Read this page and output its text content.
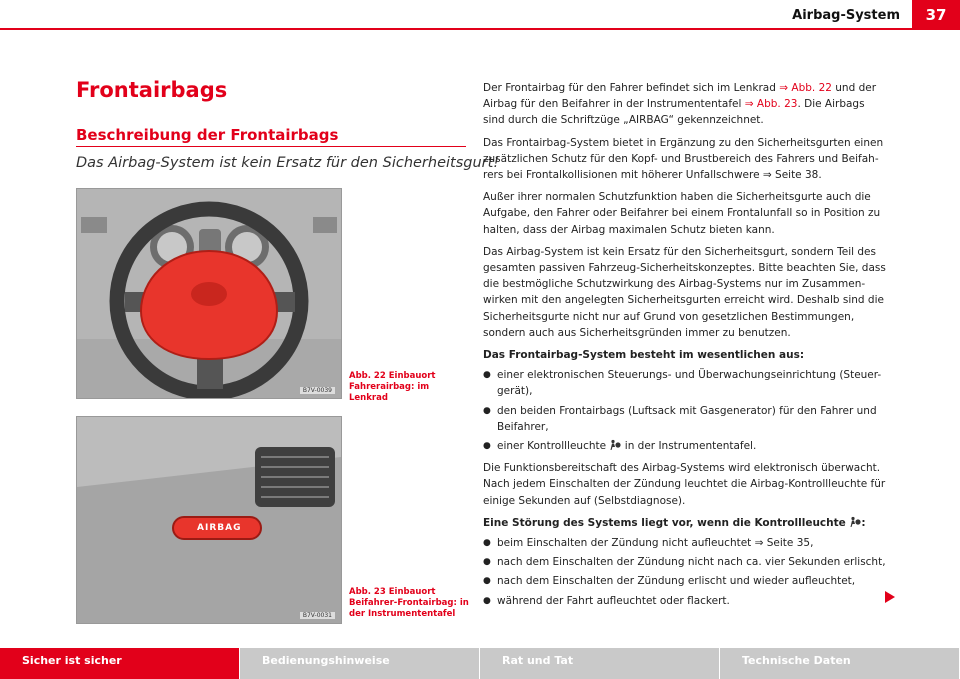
Airbag-System	37
Frontairbags
Beschreibung der Frontairbags
Das Airbag-System ist kein Ersatz für den Sicherheitsgurt!
B7V-0039
Abb. 22 Einbauort Fahrerairbag: im Lenkrad
AIRBAG
B7V-0031
Abb. 23 Einbauort Beifahrer-Frontairbag: in der Instrumententafel

Der Frontairbag für den Fahrer befindet sich im Lenkrad ⇒ Abb. 22 und der Airbag für den Beifahrer in der Instrumententafel ⇒ Abb. 23. Die Airbags sind durch die Schriftzüge „AIRBAG“ gekennzeichnet.

Das Frontairbag-System bietet in Ergänzung zu den Sicherheitsgurten einen zusätzlichen Schutz für den Kopf- und Brustbereich des Fahrers und Beifah-rers bei Frontalkollisionen mit höherer Unfallschwere ⇒ Seite 38.

Außer ihrer normalen Schutzfunktion haben die Sicherheitsgurte auch die Aufgabe, den Fahrer oder Beifahrer bei einem Frontalunfall so in Position zu halten, dass der Airbag maximalen Schutz bieten kann.

Das Airbag-System ist kein Ersatz für den Sicherheitsgurt, sondern Teil des gesamten passiven Fahrzeug-Sicherheitskonzeptes. Bitte beachten Sie, dass die bestmögliche Schutzwirkung des Airbag-Systems nur im Zusammen-wirken mit den angelegten Sicherheitsgurten erreicht wird. Deshalb sind die Sicherheitsgurte nicht nur auf Grund von gesetzlichen Bestimmungen, sondern auch aus Sicherheitsgründen immer zu benutzen.

Das Frontairbag-System besteht im wesentlichen aus:

● einer elektronischen Steuerungs- und Überwachungseinrichtung (Steuer-gerät),
● den beiden Frontairbags (Luftsack mit Gasgenerator) für den Fahrer und Beifahrer,
● einer Kontrollleuchte  in der Instrumententafel.

Die Funktionsbereitschaft des Airbag-Systems wird elektronisch überwacht. Nach jedem Einschalten der Zündung leuchtet die Airbag-Kontrollleuchte für einige Sekunden auf (Selbstdiagnose).

Eine Störung des Systems liegt vor, wenn die Kontrollleuchte :

● beim Einschalten der Zündung nicht aufleuchtet ⇒ Seite 35,
● nach dem Einschalten der Zündung nicht nach ca. vier Sekunden erlischt,
● nach dem Einschalten der Zündung erlischt und wieder aufleuchtet,
● während der Fahrt aufleuchtet oder flackert.
Sicher ist sicher	Bedienungshinweise	Rat und Tat	Technische Daten
